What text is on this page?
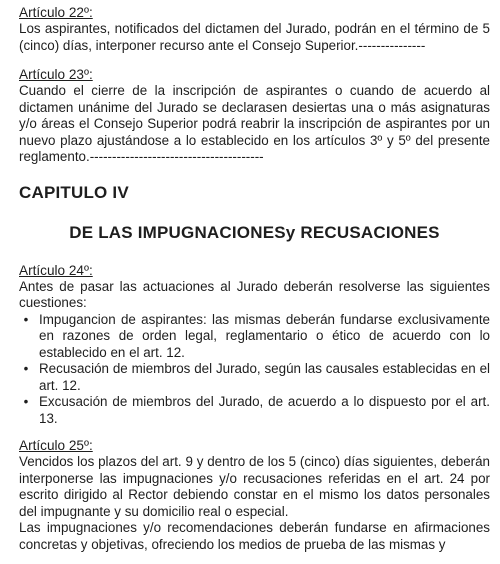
Artículo 22º:

Los aspirantes, notificados del dictamen del Jurado, podrán en el término de 5 (cinco) días, interponer recurso ante el Consejo Superior.---------------

Artículo 23º:

Cuando el cierre de la inscripción de aspirantes o cuando de acuerdo al dictamen unánime del Jurado se declarasen desiertas una o más asignaturas y/o áreas el Consejo Superior podrá reabrir la inscripción de aspirantes por un nuevo plazo ajustándose a lo establecido en los artículos 3º y 5º del presente reglamento.---------------------------------------

CAPITULO IV

DE LAS IMPUGNACIONESy RECUSACIONES

Artículo 24º:

Antes de pasar las actuaciones al Jurado deberán resolverse las siguientes cuestiones:

• Impugancion de aspirantes: las mismas deberán fundarse exclusivamente en razones de orden legal, reglamentario o ético de acuerdo con lo establecido en el art. 12.
• Recusación de miembros del Jurado, según las causales establecidas en el art. 12.
• Excusación de miembros del Jurado, de acuerdo a lo dispuesto por el art. 13.

Artículo 25º:

Vencidos los plazos del art. 9 y dentro de los 5 (cinco) días siguientes, deberán interponerse las impugnaciones y/o recusaciones referidas en el art. 24 por escrito dirigido al Rector debiendo constar en el mismo los datos personales del impugnante y su domicilio real o especial.

Las impugnaciones y/o recomendaciones deberán fundarse en afirmaciones concretas y objetivas, ofreciendo los medios de prueba de las mismas y
